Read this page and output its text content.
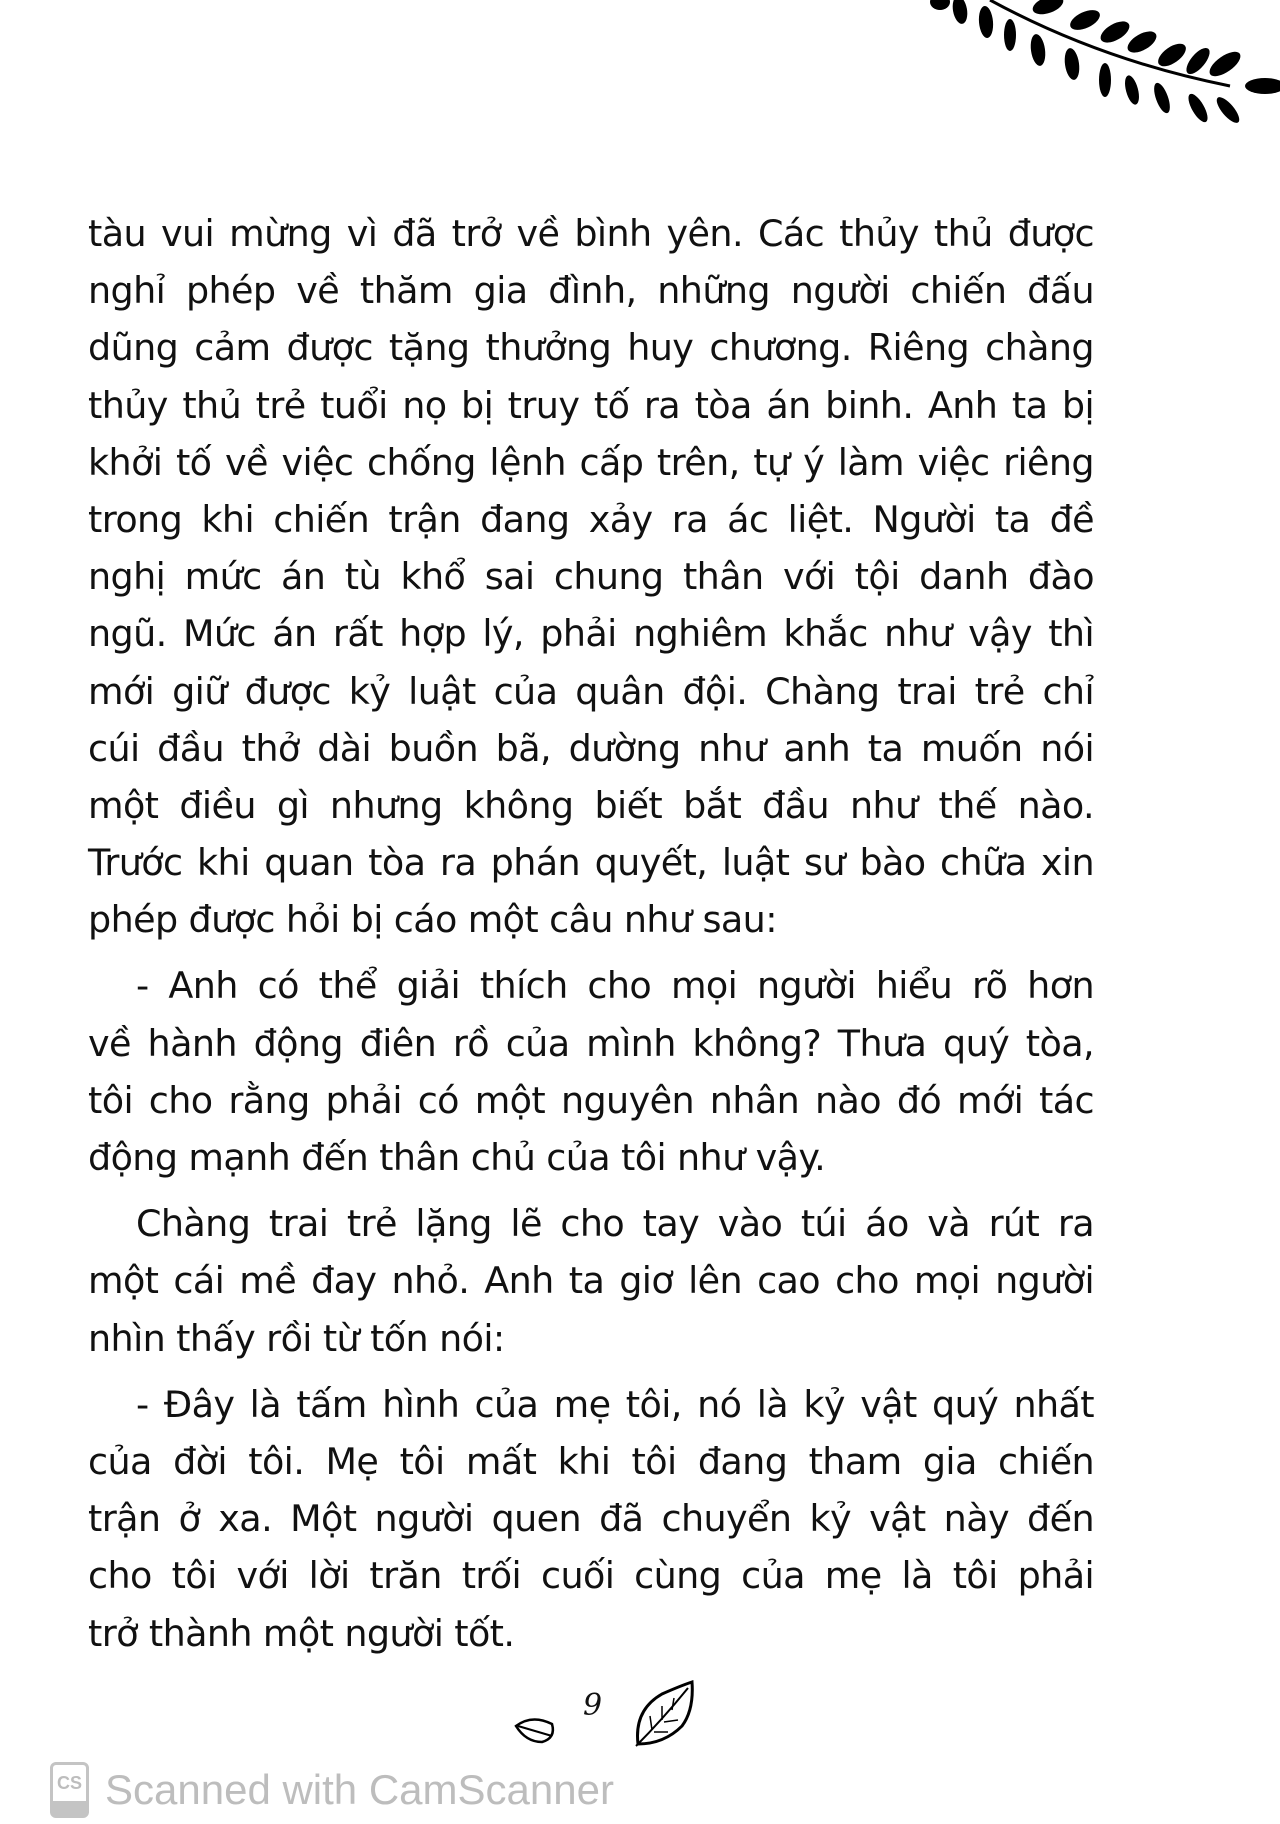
tàu vui mừng vì đã trở về bình yên. Các thủy thủ được
nghỉ phép về thăm gia đình, những người chiến đấu
dũng cảm được tặng thưởng huy chương. Riêng chàng
thủy thủ trẻ tuổi nọ bị truy tố ra tòa án binh. Anh ta bị
khởi tố về việc chống lệnh cấp trên, tự ý làm việc riêng
trong khi chiến trận đang xảy ra ác liệt. Người ta đề
nghị mức án tù khổ sai chung thân với tội danh đào
ngũ. Mức án rất hợp lý, phải nghiêm khắc như vậy thì
mới giữ được kỷ luật của quân đội. Chàng trai trẻ chỉ
cúi đầu thở dài buồn bã, dường như anh ta muốn nói
một điều gì nhưng không biết bắt đầu như thế nào.
Trước khi quan tòa ra phán quyết, luật sư bào chữa xin
phép được hỏi bị cáo một câu như sau:
- Anh có thể giải thích cho mọi người hiểu rõ hơn
về hành động điên rồ của mình không? Thưa quý tòa,
tôi cho rằng phải có một nguyên nhân nào đó mới tác
động mạnh đến thân chủ của tôi như vậy.
Chàng trai trẻ lặng lẽ cho tay vào túi áo và rút ra
một cái mề đay nhỏ. Anh ta giơ lên cao cho mọi người
nhìn thấy rồi từ tốn nói:
- Đây là tấm hình của mẹ tôi, nó là kỷ vật quý nhất
của đời tôi. Mẹ tôi mất khi tôi đang tham gia chiến
trận ở xa. Một người quen đã chuyển kỷ vật này đến
cho tôi với lời trăn trối cuối cùng của mẹ là tôi phải
trở thành một người tốt.
9
CS Scanned with CamScanner
